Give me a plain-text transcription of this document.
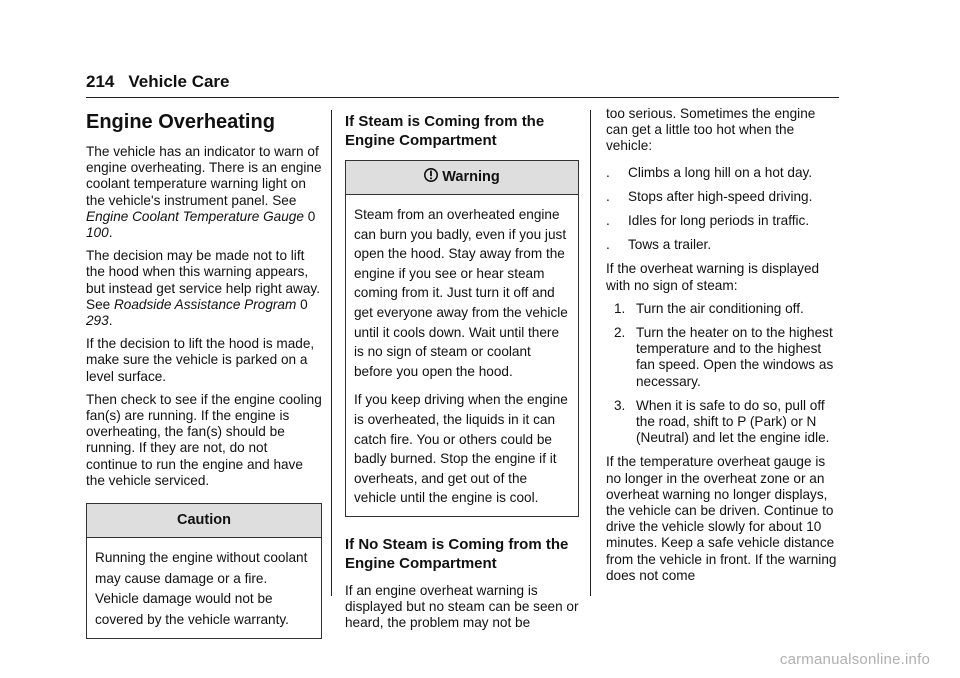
214 Vehicle Care
Engine Overheating

The vehicle has an indicator to warn of engine overheating. There is an engine coolant temperature warning light on the vehicle's instrument panel. See Engine Coolant Temperature Gauge 0 100.

The decision may be made not to lift the hood when this warning appears, but instead get service help right away. See Roadside Assistance Program 0 293.

If the decision to lift the hood is made, make sure the vehicle is parked on a level surface.

Then check to see if the engine cooling fan(s) are running. If the engine is overheating, the fan(s) should be running. If they are not, do not continue to run the engine and have the vehicle serviced.

Caution

Running the engine without coolant may cause damage or a fire. Vehicle damage would not be covered by the vehicle warranty.

If Steam is Coming from the Engine Compartment
Warning

Steam from an overheated engine can burn you badly, even if you just open the hood. Stay away from the engine if you see or hear steam coming from it. Just turn it off and get everyone away from the vehicle until it cools down. Wait until there is no sign of steam or coolant before you open the hood.

If you keep driving when the engine is overheated, the liquids in it can catch fire. You or others could be badly burned. Stop the engine if it overheats, and get out of the vehicle until the engine is cool.

If No Steam is Coming from the Engine Compartment

If an engine overheat warning is displayed but no steam can be seen or heard, the problem may not be

too serious. Sometimes the engine can get a little too hot when the vehicle:

.	Climbs a long hill on a hot day.
.	Stops after high-speed driving.
.	Idles for long periods in traffic.
.	Tows a trailer.

If the overheat warning is displayed with no sign of steam:

1. Turn the air conditioning off.
2. Turn the heater on to the highest temperature and to the highest fan speed. Open the windows as necessary.
3. When it is safe to do so, pull off the road, shift to P (Park) or N (Neutral) and let the engine idle.

If the temperature overheat gauge is no longer in the overheat zone or an overheat warning no longer displays, the vehicle can be driven. Continue to drive the vehicle slowly for about 10 minutes. Keep a safe vehicle distance from the vehicle in front. If the warning does not come

carmanualsonline.info
